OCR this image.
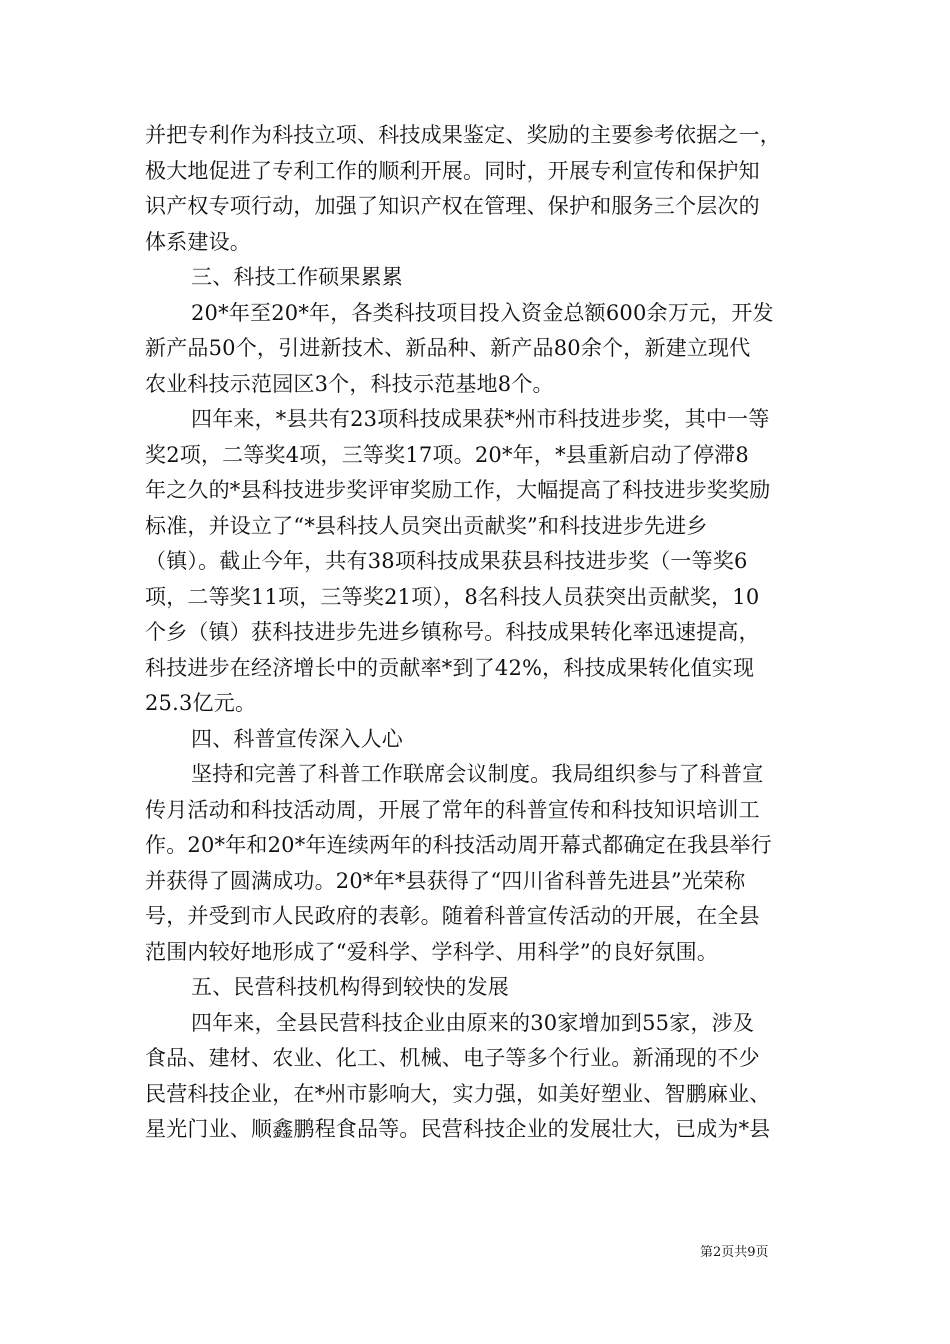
并把专利作为科技立项、科技成果鉴定、奖励的主要参考依据之一，
极大地促进了专利工作的顺利开展。同时，开展专利宣传和保护知
识产权专项行动，加强了知识产权在管理、保护和服务三个层次的
体系建设。
三、科技工作硕果累累
20*年至20*年，各类科技项目投入资金总额600余万元，开发
新产品50个，引进新技术、新品种、新产品80余个，新建立现代
农业科技示范园区3个，科技示范基地8个。
四年来，*县共有23项科技成果获*州市科技进步奖，其中一等
奖2项，二等奖4项，三等奖17项。20*年，*县重新启动了停滞8
年之久的*县科技进步奖评审奖励工作，大幅提高了科技进步奖奖励
标准，并设立了“*县科技人员突出贡献奖”和科技进步先进乡
（镇）。截止今年，共有38项科技成果获县科技进步奖（一等奖6
项，二等奖11项，三等奖21项），8名科技人员获突出贡献奖，10
个乡（镇）获科技进步先进乡镇称号。科技成果转化率迅速提高，
科技进步在经济增长中的贡献率*到了42%，科技成果转化值实现
25.3亿元。
四、科普宣传深入人心
坚持和完善了科普工作联席会议制度。我局组织参与了科普宣
传月活动和科技活动周，开展了常年的科普宣传和科技知识培训工
作。20*年和20*年连续两年的科技活动周开幕式都确定在我县举行
并获得了圆满成功。20*年*县获得了“四川省科普先进县”光荣称
号，并受到市人民政府的表彰。随着科普宣传活动的开展，在全县
范围内较好地形成了“爱科学、学科学、用科学”的良好氛围。
五、民营科技机构得到较快的发展
四年来，全县民营科技企业由原来的30家增加到55家，涉及
食品、建材、农业、化工、机械、电子等多个行业。新涌现的不少
民营科技企业，在*州市影响大，实力强，如美好塑业、智鹏麻业、
星光门业、顺鑫鹏程食品等。民营科技企业的发展壮大，已成为*县
第2页共9页
